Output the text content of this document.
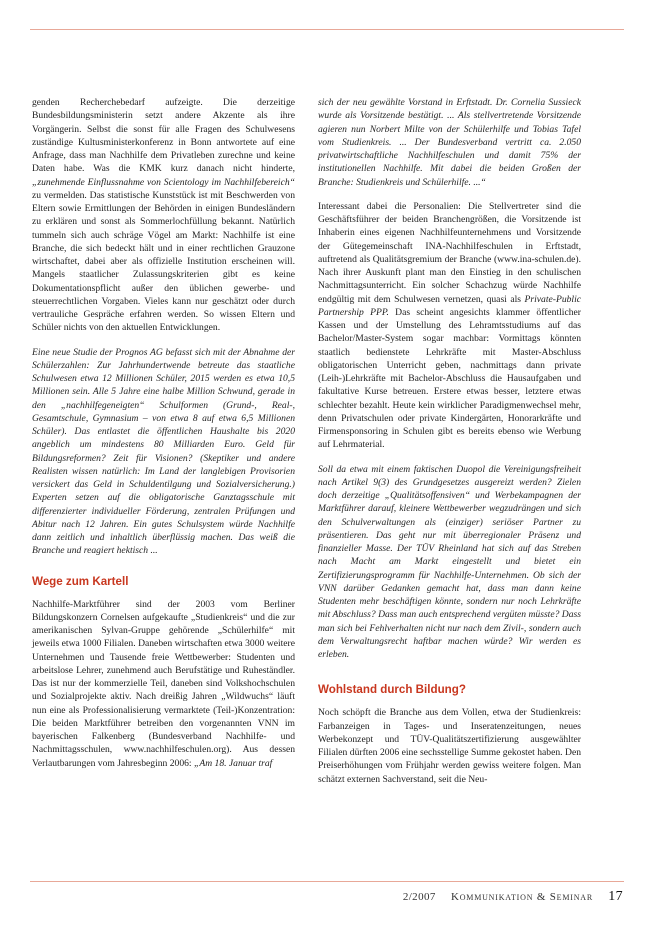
genden Recherchebedarf aufzeigte. Die derzeitige Bundesbildungsministerin setzt andere Akzente als ihre Vorgängerin. Selbst die sonst für alle Fragen des Schulwesens zuständige Kultusministerkonferenz in Bonn antwortete auf eine Anfrage, dass man Nachhilfe dem Privatleben zurechne und keine Daten habe. Was die KMK kurz danach nicht hinderte, „zunehmende Einflussnahme von Scientology im Nachhilfebereich“ zu vermelden. Das statistische Kunststück ist mit Beschwerden von Eltern sowie Ermittlungen der Behörden in einigen Bundesländern zu erklären und sonst als Sommerlochfüllung bekannt. Natürlich tummeln sich auch schräge Vögel am Markt: Nachhilfe ist eine Branche, die sich bedeckt hält und in einer rechtlichen Grauzone wirtschaftet, dabei aber als offizielle Institution erscheinen will. Mangels staatlicher Zulassungskriterien gibt es keine Dokumentationspflicht außer den üblichen gewerbe- und steuerrechtlichen Vorgaben. Vieles kann nur geschätzt oder durch vertrauliche Gespräche erfahren werden. So wissen Eltern und Schüler nichts von den aktuellen Entwicklungen.

Eine neue Studie der Prognos AG befasst sich mit der Abnahme der Schülerzahlen: Zur Jahrhundertwende betreute das staatliche Schulwesen etwa 12 Millionen Schüler, 2015 werden es etwa 10,5 Millionen sein. Alle 5 Jahre eine halbe Million Schwund, gerade in den „nachhilfegeneigten“ Schulformen (Grund-, Real-, Gesamtschule, Gymnasium – von etwa 8 auf etwa 6,5 Millionen Schüler). Das entlastet die öffentlichen Haushalte bis 2020 angeblich um mindestens 80 Milliarden Euro. Geld für Bildungsreformen? Zeit für Visionen? (Skeptiker und andere Realisten wissen natürlich: Im Land der langlebigen Provisorien versickert das Geld in Schuldentilgung und Sozialversicherung.) Experten setzen auf die obligatorische Ganztagsschule mit differenzierter individueller Förderung, zentralen Prüfungen und Abitur nach 12 Jahren. Ein gutes Schulsystem würde Nachhilfe dann zeitlich und inhaltlich überflüssig machen. Das weiß die Branche und reagiert hektisch ...

Wege zum Kartell

Nachhilfe-Marktführer sind der 2003 vom Berliner Bildungskonzern Cornelsen aufgekaufte „Studienkreis“ und die zur amerikanischen Sylvan-Gruppe gehörende „Schülerhilfe“ mit jeweils etwa 1000 Filialen. Daneben wirtschaften etwa 3000 weitere Unternehmen und Tausende freie Wettbewerber: Studenten und arbeitslose Lehrer, zunehmend auch Berufstätige und Ruheständler. Das ist nur der kommerzielle Teil, daneben sind Volkshochschulen und Sozialprojekte aktiv. Nach dreißig Jahren „Wildwuchs“ läuft nun eine als Professionalisierung vermarktete (Teil-)Konzentration: Die beiden Marktführer betreiben den vorgenannten VNN im bayerischen Falkenberg (Bundesverband Nachhilfe- und Nachmittagsschulen, www.nachhilfeschulen.org). Aus dessen Verlautbarungen vom Jahresbeginn 2006: „Am 18. Januar traf

sich der neu gewählte Vorstand in Erftstadt. Dr. Cornelia Sussieck wurde als Vorsitzende bestätigt. ... Als stellvertretende Vorsitzende agieren nun Norbert Milte von der Schülerhilfe und Tobias Tafel vom Studienkreis. ... Der Bundesverband vertritt ca. 2.050 privatwirtschaftliche Nachhilfeschulen und damit 75% der institutionellen Nachhilfe. Mit dabei die beiden Großen der Branche: Studienkreis und Schülerhilfe. ...“

Interessant dabei die Personalien: Die Stellvertreter sind die Geschäftsführer der beiden Branchengrößen, die Vorsitzende ist Inhaberin eines eigenen Nachhilfeunternehmens und Vorsitzende der Gütegemeinschaft INA-Nachhilfeschulen in Erftstadt, auftretend als Qualitätsgremium der Branche (www.ina-schulen.de). Nach ihrer Auskunft plant man den Einstieg in den schulischen Nachmittagsunterricht. Ein solcher Schachzug würde Nachhilfe endgültig mit dem Schulwesen vernetzen, quasi als Private-Public Partnership PPP. Das scheint angesichts klammer öffentlicher Kassen und der Umstellung des Lehramtsstudiums auf das Bachelor/Master-System sogar machbar: Vormittags könnten staatlich bedienstete Lehrkräfte mit Master-Abschluss obligatorischen Unterricht geben, nachmittags dann private (Leih-)Lehrkräfte mit Bachelor-Abschluss die Hausaufgaben und fakultative Kurse betreuen. Erstere etwas besser, letztere etwas schlechter bezahlt. Heute kein wirklicher Paradigmenwechsel mehr, denn Privatschulen oder private Kindergärten, Honorarkräfte und Firmensponsoring in Schulen gibt es bereits ebenso wie Werbung auf Lehrmaterial.

Soll da etwa mit einem faktischen Duopol die Vereinigungsfreiheit nach Artikel 9(3) des Grundgesetzes ausgereizt werden? Zielen doch derzeitige „Qualitätsoffensiven“ und Werbekampagnen der Marktführer darauf, kleinere Wettbewerber wegzudrängen und sich den Schulverwaltungen als (einziger) seriöser Partner zu präsentieren. Das geht nur mit überregionaler Präsenz und finanzieller Masse. Der TÜV Rheinland hat sich auf das Streben nach Macht am Markt eingestellt und bietet ein Zertifizierungsprogramm für Nachhilfe-Unternehmen. Ob sich der VNN darüber Gedanken gemacht hat, dass man dann keine Studenten mehr beschäftigen könnte, sondern nur noch Lehrkräfte mit Abschluss? Dass man auch entsprechend vergüten müsste? Dass man sich bei Fehlverhalten nicht nur nach dem Zivil-, sondern auch dem Verwaltungsrecht haftbar machen würde? Wir werden es erleben.

Wohlstand durch Bildung?

Noch schöpft die Branche aus dem Vollen, etwa der Studienkreis: Farbanzeigen in Tages- und Inseratenzeitungen, neues Werbekonzept und TÜV-Qualitätszertifizierung ausgewählter Filialen dürften 2006 eine sechsstellige Summe gekostet haben. Den Preiserhöhungen vom Frühjahr werden gewiss weitere folgen. Man schätzt externen Sachverstand, seit die Neu-

2/2007 Kommunikation & Seminar 17
